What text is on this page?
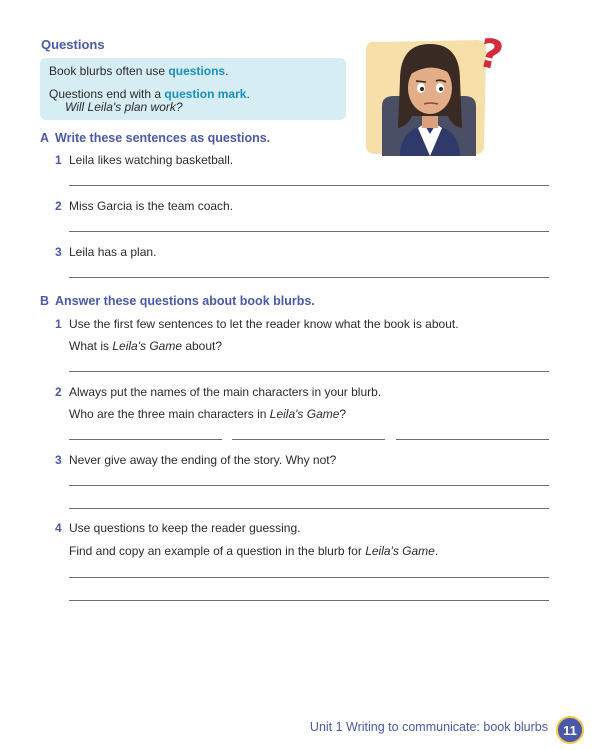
Questions
Book blurbs often use questions.
Questions end with a question mark.
Will Leila's plan work?
?
A Write these sentences as questions.
1 Leila likes watching basketball.
2 Miss Garcia is the team coach.
3 Leila has a plan.
B Answer these questions about book blurbs.
1 Use the first few sentences to let the reader know what the book is about.
What is Leila's Game about?
2 Always put the names of the main characters in your blurb.
Who are the three main characters in Leila's Game?
3 Never give away the ending of the story. Why not?
4 Use questions to keep the reader guessing.
Find and copy an example of a question in the blurb for Leila's Game.
Unit 1 Writing to communicate: book blurbs	11
